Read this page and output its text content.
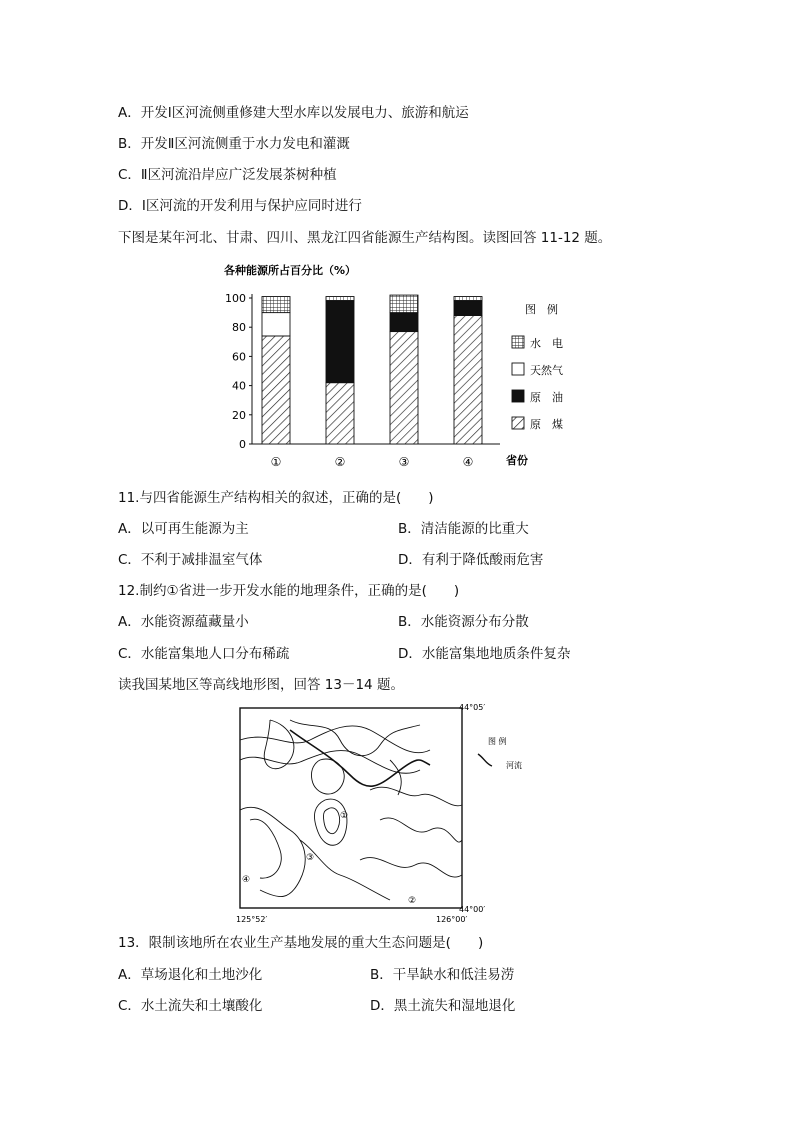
A．开发Ⅰ区河流侧重修建大型水库以发展电力、旅游和航运
B．开发Ⅱ区河流侧重于水力发电和灌溉
C．Ⅱ区河流沿岸应广泛发展茶树种植
D．Ⅰ区河流的开发利用与保护应同时进行
下图是某年河北、甘肃、四川、黑龙江四省能源生产结构图。读图回答 11-12 题。
各种能源所占百分比（%）
0
20
40
60
80
100
省份
①	②	③	④
图　例
水　电
天然气
原　油
原　煤
11.与四省能源生产结构相关的叙述，正确的是(　　)
A．以可再生能源为主	B．清洁能源的比重大
C．不利于减排温室气体	D．有利于降低酸雨危害
12.制约①省进一步开发水能的地理条件，正确的是(　　)
A．水能资源蕴藏量小	B．水能资源分布分散
C．水能富集地人口分布稀疏	D．水能富集地地质条件复杂
读我国某地区等高线地形图，回答 13－14 题。
①
②
③
④
44°05′
44°00′
125°52′	126°00′
图 例
河流
13．限制该地所在农业生产基地发展的重大生态问题是(　　)
A．草场退化和土地沙化	B．干旱缺水和低洼易涝
C．水土流失和土壤酸化	D．黑土流失和湿地退化
